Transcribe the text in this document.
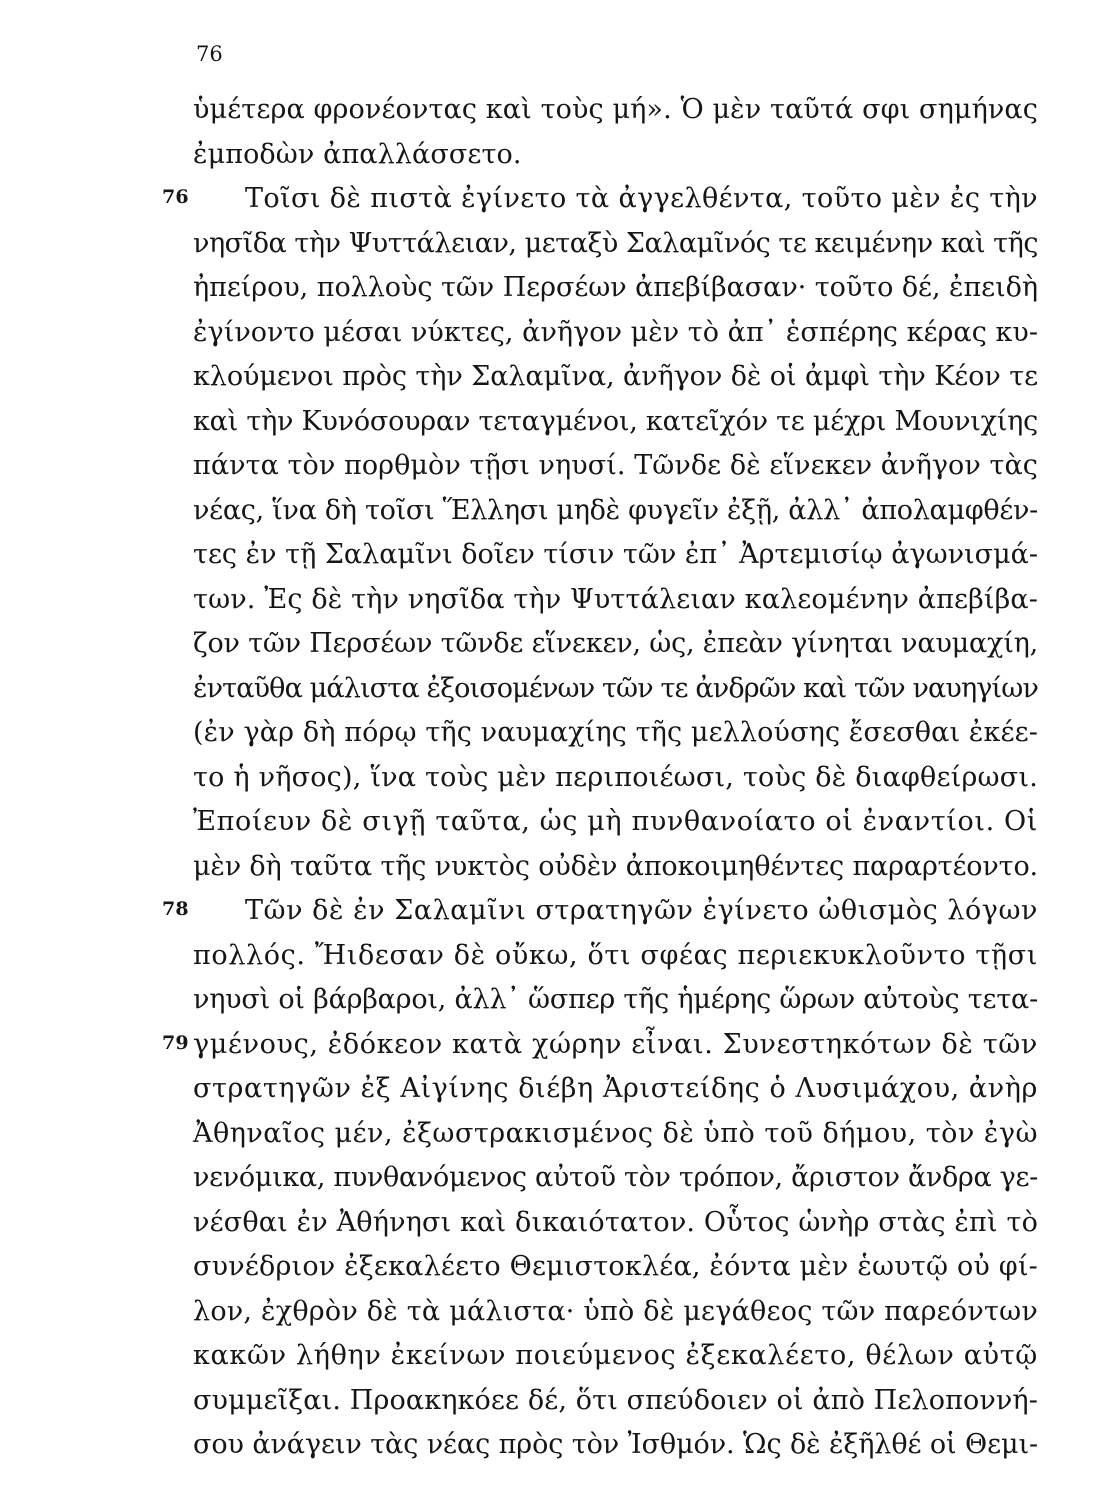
76
ὑμέτερα φρονέοντας καὶ τοὺς μή». Ὁ μὲν ταῦτά σφι σημήνας
ἐμποδὼν ἀπαλλάσσετο.
76 Τοῖσι δὲ πιστὰ ἐγίνετο τὰ ἀγγελθέντα, τοῦτο μὲν ἐς τὴν
νησῖδα τὴν Ψυττάλειαν, μεταξὺ Σαλαμῖνός τε κειμένην καὶ τῆς
ἠπείρου, πολλοὺς τῶν Περσέων ἀπεβίβασαν· τοῦτο δέ, ἐπειδὴ
ἐγίνοντο μέσαι νύκτες, ἀνῆγον μὲν τὸ ἀπ᾽ ἑσπέρης κέρας κυ-
κλούμενοι πρὸς τὴν Σαλαμῖνα, ἀνῆγον δὲ οἱ ἀμφὶ τὴν Κέον τε
καὶ τὴν Κυνόσουραν τεταγμένοι, κατεῖχόν τε μέχρι Μουνιχίης
πάντα τὸν πορθμὸν τῇσι νηυσί. Τῶνδε δὲ εἵνεκεν ἀνῆγον τὰς
νέας, ἵνα δὴ τοῖσι Ἕλλησι μηδὲ φυγεῖν ἐξῇ, ἀλλ᾽ ἀπολαμφθέν-
τες ἐν τῇ Σαλαμῖνι δοῖεν τίσιν τῶν ἐπ᾽ Ἀρτεμισίῳ ἀγωνισμά-
των. Ἐς δὲ τὴν νησῖδα τὴν Ψυττάλειαν καλεομένην ἀπεβίβα-
ζον τῶν Περσέων τῶνδε εἵνεκεν, ὡς, ἐπεὰν γίνηται ναυμαχίη,
ἐνταῦθα μάλιστα ἐξοισομένων τῶν τε ἀνδρῶν καὶ τῶν ναυηγίων
(ἐν γὰρ δὴ πόρῳ τῆς ναυμαχίης τῆς μελλούσης ἔσεσθαι ἐκέε-
το ἡ νῆσος), ἵνα τοὺς μὲν περιποιέωσι, τοὺς δὲ διαφθείρωσι.
Ἐποίευν δὲ σιγῇ ταῦτα, ὡς μὴ πυνθανοίατο οἱ ἐναντίοι. Οἱ
μὲν δὴ ταῦτα τῆς νυκτὸς οὐδὲν ἀποκοιμηθέντες παραρτέοντο.
78 Τῶν δὲ ἐν Σαλαμῖνι στρατηγῶν ἐγίνετο ὠθισμὸς λόγων
πολλός. Ἤιδεσαν δὲ οὔκω, ὅτι σφέας περιεκυκλοῦντο τῇσι
νηυσὶ οἱ βάρβαροι, ἀλλ᾽ ὥσπερ τῆς ἡμέρης ὥρων αὐτοὺς τετα-
79 γμένους, ἐδόκεον κατὰ χώρην εἶναι. Συνεστηκότων δὲ τῶν
στρατηγῶν ἐξ Αἰγίνης διέβη Ἀριστείδης ὁ Λυσιμάχου, ἀνὴρ
Ἀθηναῖος μέν, ἐξωστρακισμένος δὲ ὑπὸ τοῦ δήμου, τὸν ἐγὼ
νενόμικα, πυνθανόμενος αὐτοῦ τὸν τρόπον, ἄριστον ἄνδρα γε-
νέσθαι ἐν Ἀθήνησι καὶ δικαιότατον. Οὗτος ὡνὴρ στὰς ἐπὶ τὸ
συνέδριον ἐξεκαλέετο Θεμιστοκλέα, ἐόντα μὲν ἑωυτῷ οὐ φί-
λον, ἐχθρὸν δὲ τὰ μάλιστα· ὑπὸ δὲ μεγάθεος τῶν παρεόντων
κακῶν λήθην ἐκείνων ποιεύμενος ἐξεκαλέετο, θέλων αὐτῷ
συμμεῖξαι. Προακηκόεε δέ, ὅτι σπεύδοιεν οἱ ἀπὸ Πελοποννή-
σου ἀνάγειν τὰς νέας πρὸς τὸν Ἰσθμόν. Ὡς δὲ ἐξῆλθέ οἱ Θεμι-
